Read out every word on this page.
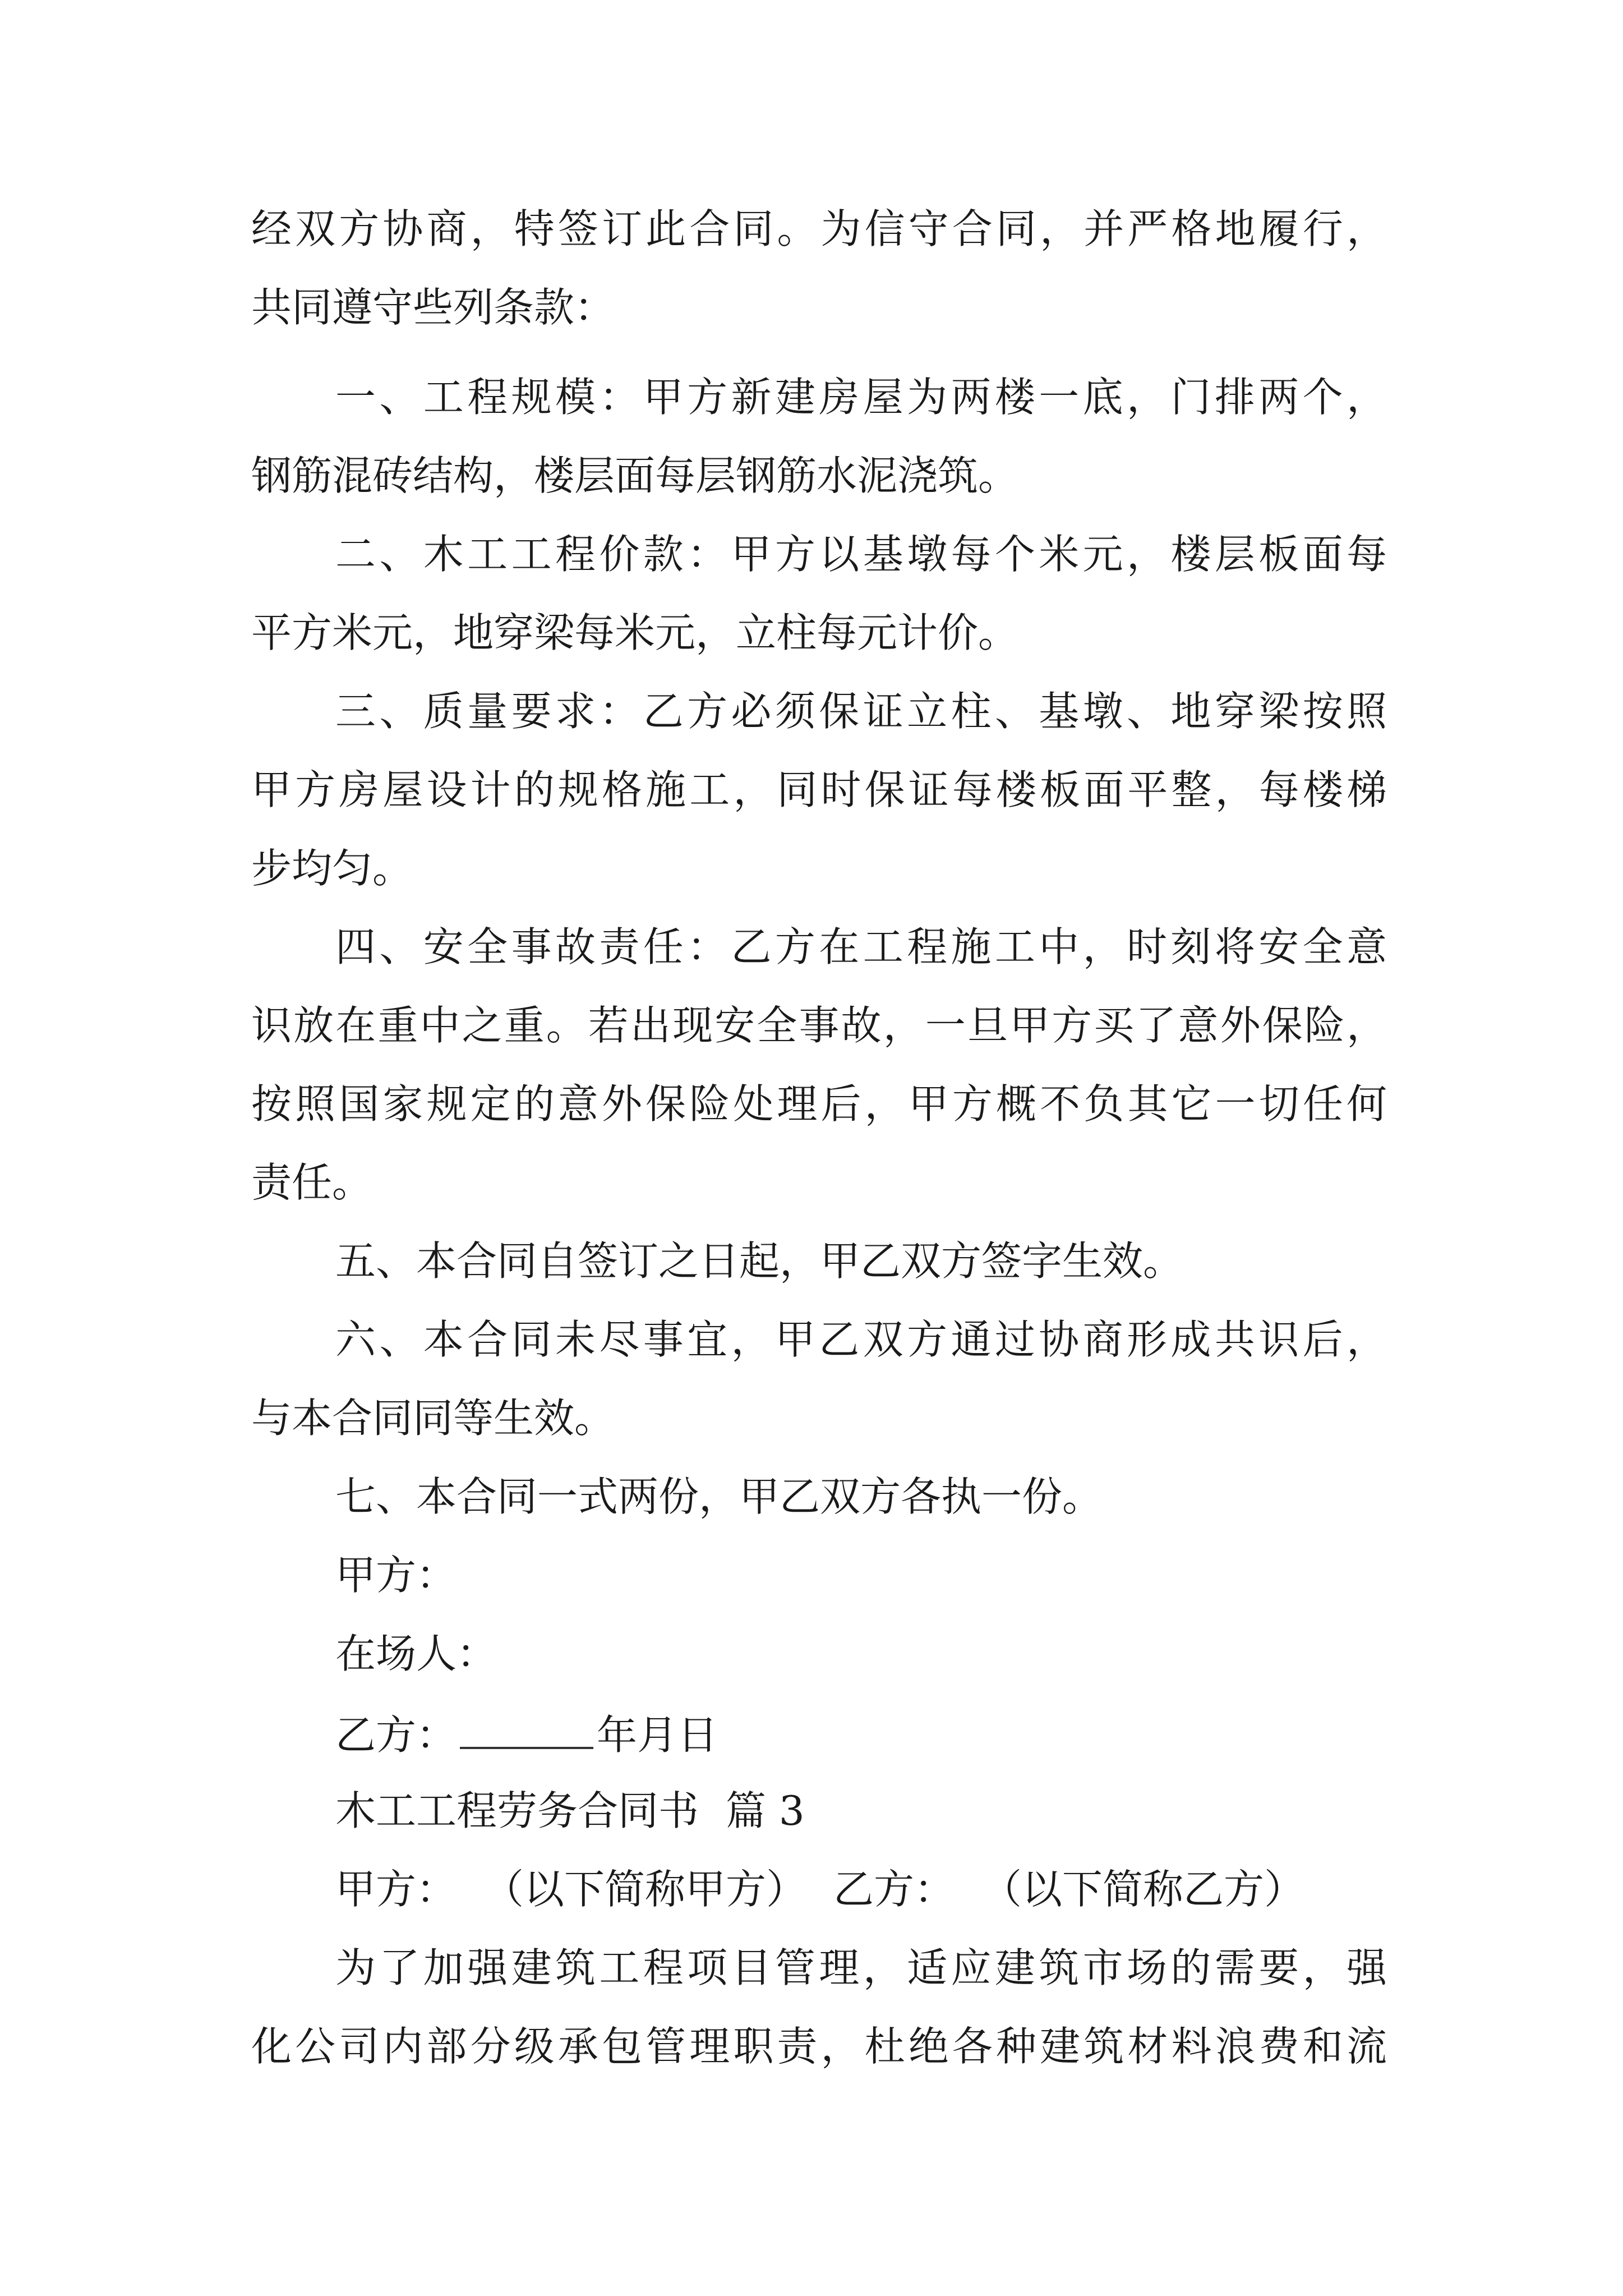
经双方协商，特签订此合同。为信守合同，并严格地履行，
共同遵守些列条款：
一、工程规模：甲方新建房屋为两楼一底，门排两个，
钢筋混砖结构，楼层面每层钢筋水泥浇筑。
二、木工工程价款：甲方以基墩每个米元，楼层板面每
平方米元，地穿梁每米元，立柱每元计价。
三、质量要求：乙方必须保证立柱、基墩、地穿梁按照
甲方房屋设计的规格施工，同时保证每楼板面平整，每楼梯
步均匀。
四、安全事故责任：乙方在工程施工中，时刻将安全意
识放在重中之重。若出现安全事故，一旦甲方买了意外保险，
按照国家规定的意外保险处理后，甲方概不负其它一切任何
责任。
五、本合同自签订之日起，甲乙双方签字生效。
六、本合同未尽事宜，甲乙双方通过协商形成共识后，
与本合同同等生效。
七、本合同一式两份，甲乙双方各执一份。
甲方：
在场人：
乙方：	年月日
木工工程劳务合同书 篇 3
甲方： （以下简称甲方） 乙方： （以下简称乙方）
为了加强建筑工程项目管理，适应建筑市场的需要，强
化公司内部分级承包管理职责，杜绝各种建筑材料浪费和流
